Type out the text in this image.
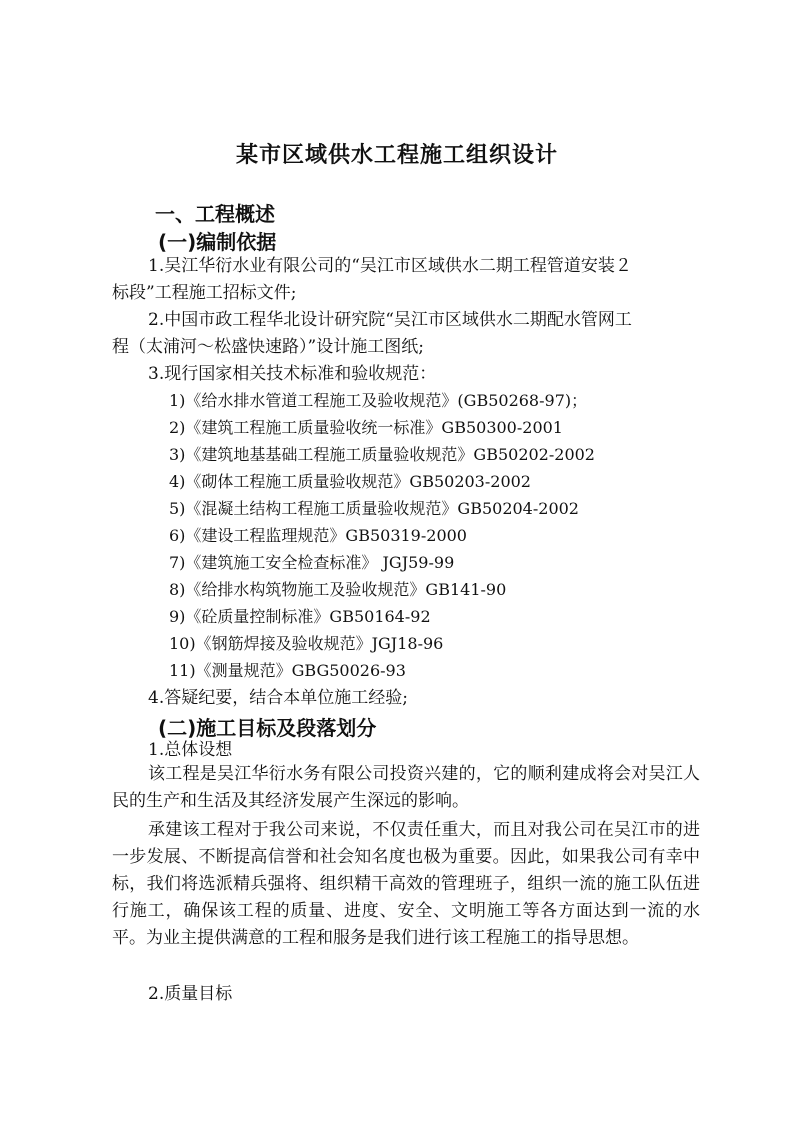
某市区域供水工程施工组织设计
一、工程概述
(一)编制依据
1.吴江华衍水业有限公司的“吴江市区域供水二期工程管道安装２
标段”工程施工招标文件;
2.中国市政工程华北设计研究院“吴江市区域供水二期配水管网工
程（太浦河～松盛快速路）”设计施工图纸;
3.现行国家相关技术标准和验收规范：
1)《给水排水管道工程施工及验收规范》(GB50268-97)；
2)《建筑工程施工质量验收统一标准》GB50300-2001
3)《建筑地基基础工程施工质量验收规范》GB50202-2002
4)《砌体工程施工质量验收规范》GB50203-2002
5)《混凝土结构工程施工质量验收规范》GB50204-2002
6)《建设工程监理规范》GB50319-2000
7)《建筑施工安全检查标准》 JGJ59-99
8)《给排水构筑物施工及验收规范》GB141-90
9)《砼质量控制标准》GB50164-92
10)《钢筋焊接及验收规范》JGJ18-96
11)《测量规范》GBG50026-93
4.答疑纪要，结合本单位施工经验;
(二)施工目标及段落划分
1.总体设想
该工程是吴江华衍水务有限公司投资兴建的，它的顺利建成将会对吴江人民的生产和生活及其经济发展产生深远的影响。
承建该工程对于我公司来说，不仅责任重大，而且对我公司在吴江市的进一步发展、不断提高信誉和社会知名度也极为重要。因此，如果我公司有幸中标，我们将选派精兵强将、组织精干高效的管理班子，组织一流的施工队伍进行施工，确保该工程的质量、进度、安全、文明施工等各方面达到一流的水平。为业主提供满意的工程和服务是我们进行该工程施工的指导思想。
2.质量目标
